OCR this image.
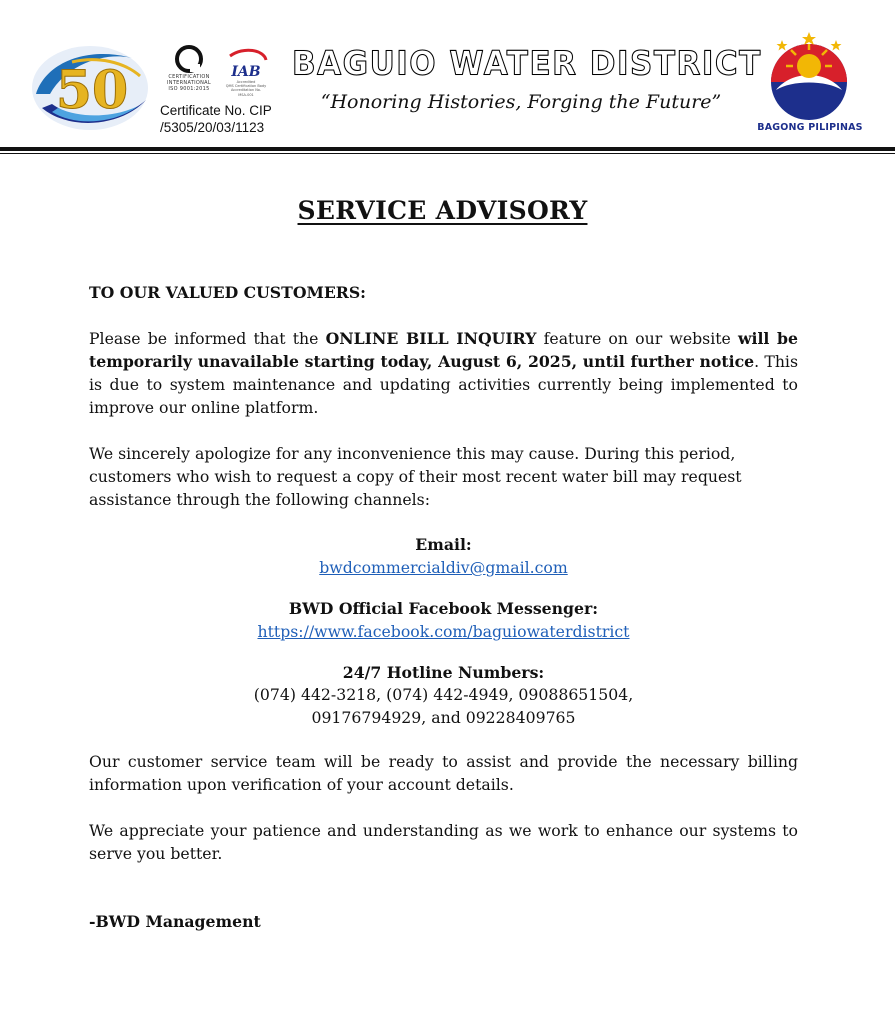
50	CERTIFICATION
INTERNATIONAL
ISO 9001:2015
IAB
Accredited
QMS Certification Body
Accreditation No.
MSA-001
Certificate No. CIP
/5305/20/03/1123
BAGUIO WATER DISTRICT
“Honoring Histories, Forging the Future”
BAGONG PILIPINAS
SERVICE ADVISORY
TO OUR VALUED CUSTOMERS:
Please be informed that the ONLINE BILL INQUIRY feature on our website will be temporarily unavailable starting today, August 6, 2025, until further notice. This is due to system maintenance and updating activities currently being implemented to improve our online platform.
We sincerely apologize for any inconvenience this may cause. During this period, customers who wish to request a copy of their most recent water bill may request assistance through the following channels:
Email:
bwdcommercialdiv@gmail.com
BWD Official Facebook Messenger:
https://www.facebook.com/baguiowaterdistrict
24/7 Hotline Numbers:
(074) 442-3218, (074) 442-4949, 09088651504,
09176794929, and 09228409765
Our customer service team will be ready to assist and provide the necessary billing information upon verification of your account details.
We appreciate your patience and understanding as we work to enhance our systems to serve you better.
-BWD Management
